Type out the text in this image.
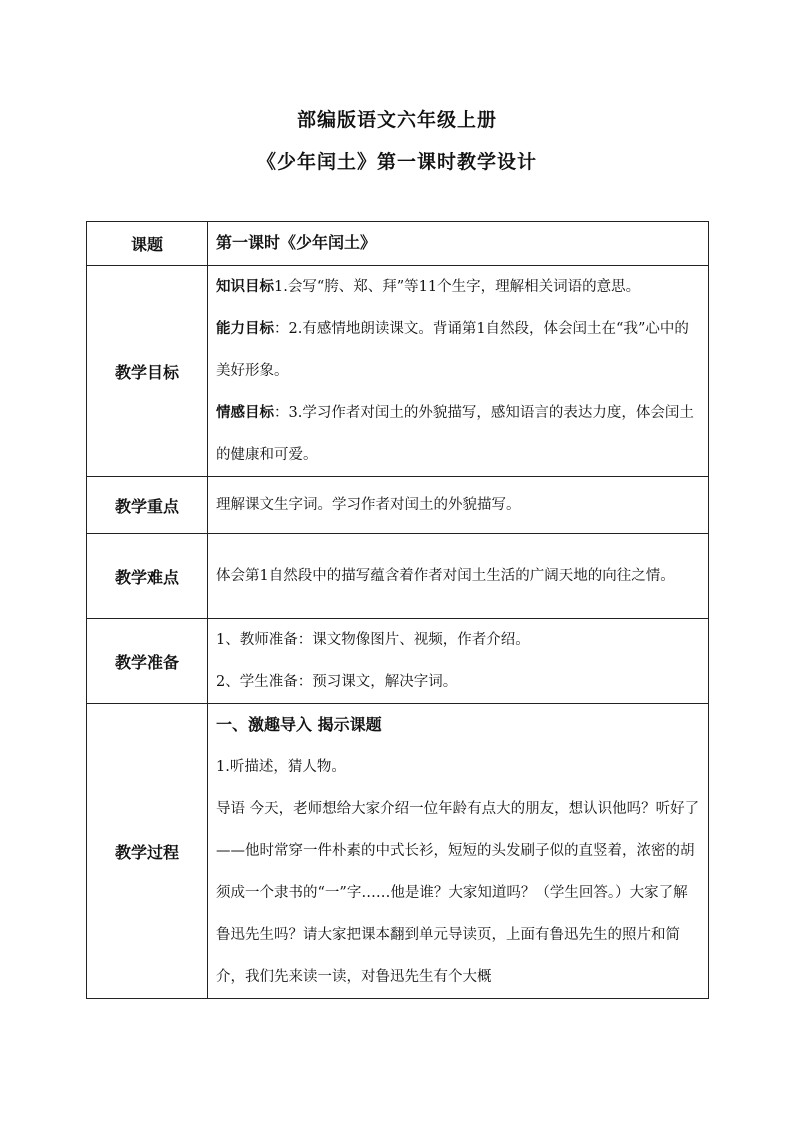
部编版语文六年级上册
《少年闰土》第一课时教学设计
课题	第一课时《少年闰土》
教学目标	知识目标1.会写“胯、郑、拜”等11个生字，理解相关词语的意思。

能力目标：2.有感情地朗读课文。背诵第1自然段，体会闰土在“我”心中的美好形象。

情感目标：3.学习作者对闰土的外貌描写，感知语言的表达力度，体会闰土的健康和可爱。

教学重点	理解课文生字词。学习作者对闰土的外貌描写。
教学难点	体会第1自然段中的描写蕴含着作者对闰土生活的广阔天地的向往之情。
教学准备	1、教师准备：课文物像图片、视频，作者介绍。

2、学生准备：预习课文，解决字词。

教学过程	一、激趣导入 揭示课题

1.听描述，猜人物。

导语 今天，老师想给大家介绍一位年龄有点大的朋友，想认识他吗？听好了——他时常穿一件朴素的中式长衫，短短的头发刷子似的直竖着，浓密的胡须成一个隶书的“一”字……他是谁？大家知道吗？（学生回答。）大家了解鲁迅先生吗？请大家把课本翻到单元导读页，上面有鲁迅先生的照片和简介，我们先来读一读，对鲁迅先生有个大概
